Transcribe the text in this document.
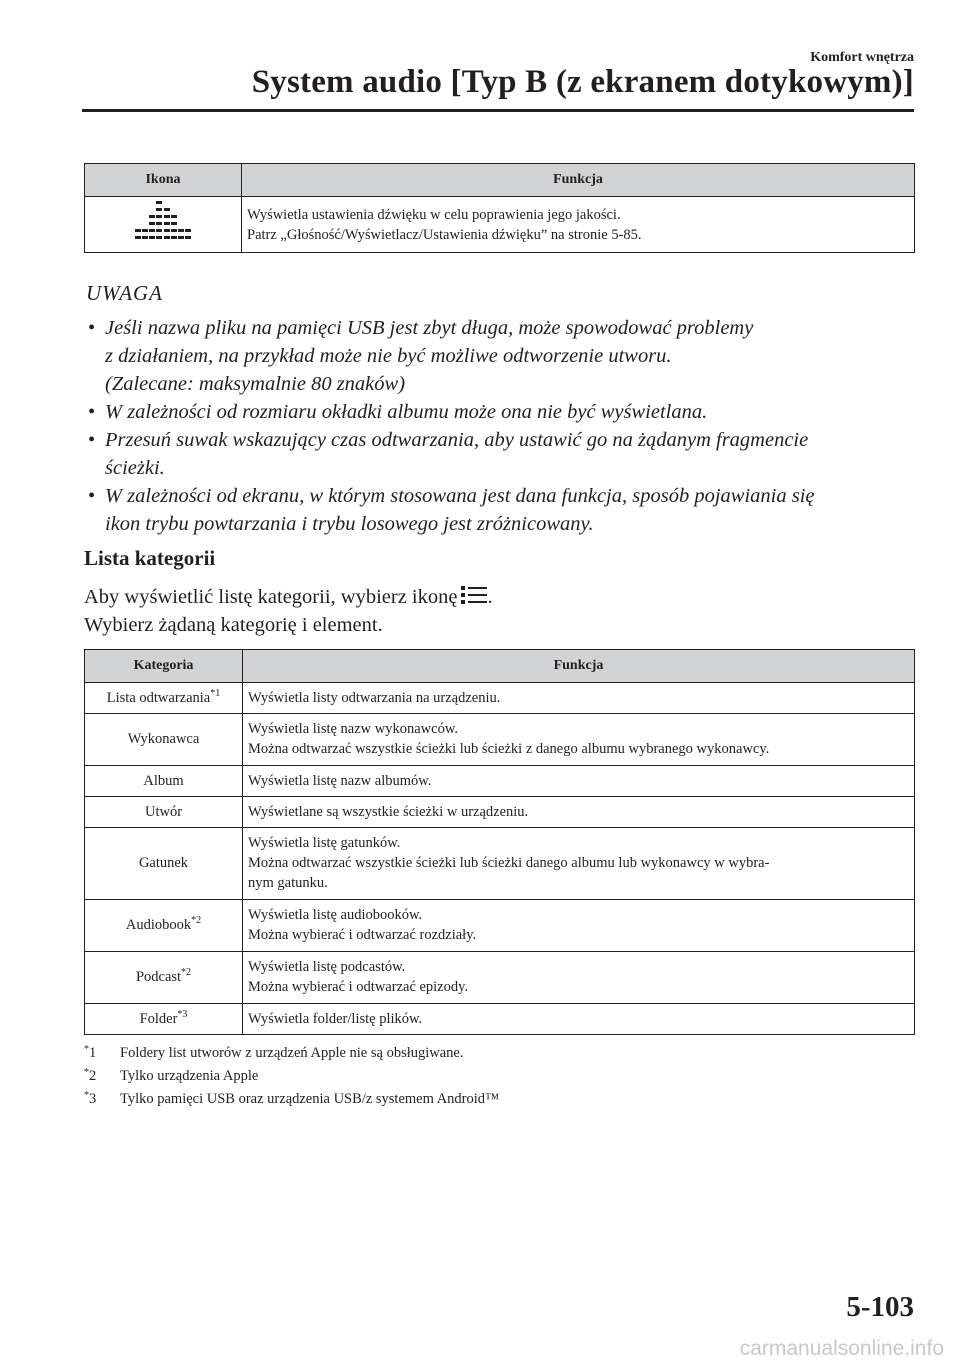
Komfort wnętrza
System audio [Typ B (z ekranem dotykowym)]
Ikona	Funkcja

Wyświetla ustawienia dźwięku w celu poprawienia jego jakości.
Patrz „Głośność/Wyświetlacz/Ustawienia dźwięku” na stronie 5-85.
UWAGA
• Jeśli nazwa pliku na pamięci USB jest zbyt długa, może spowodować problemy
z działaniem, na przykład może nie być możliwe odtworzenie utworu.
(Zalecane: maksymalnie 80 znaków)
• W zależności od rozmiaru okładki albumu może ona nie być wyświetlana.
• Przesuń suwak wskazujący czas odtwarzania, aby ustawić go na żądanym fragmencie
ścieżki.
• W zależności od ekranu, w którym stosowana jest dana funkcja, sposób pojawiania się
ikon trybu powtarzania i trybu losowego jest zróżnicowany.
Lista kategorii
Aby wyświetlić listę kategorii, wybierz ikonę .
Wybierz żądaną kategorię i element.
Kategoria	Funkcja
Lista odtwarzania$^{*1}$	Wyświetla listy odtwarzania na urządzeniu.

Wykonawca	Wyświetla listę nazw wykonawców.
Można odtwarzać wszystkie ścieżki lub ścieżki z danego albumu wybranego wykonawcy.

Album	Wyświetla listę nazw albumów.

Utwór	Wyświetlane są wszystkie ścieżki w urządzeniu.

Gatunek	Wyświetla listę gatunków.
Można odtwarzać wszystkie ścieżki lub ścieżki danego albumu lub wykonawcy w wybra-
nym gatunku.

Audiobook$^{*2}$	Wyświetla listę audiobooków.
Można wybierać i odtwarzać rozdziały.

Podcast$^{*2}$	Wyświetla listę podcastów.
Można wybierać i odtwarzać epizody.

Folder$^{*3}$	Wyświetla folder/listę plików.
*1 Foldery list utworów z urządzeń Apple nie są obsługiwane.
*2 Tylko urządzenia Apple
*3 Tylko pamięci USB oraz urządzenia USB/z systemem Android™
5-103
carmanualsonline.info
